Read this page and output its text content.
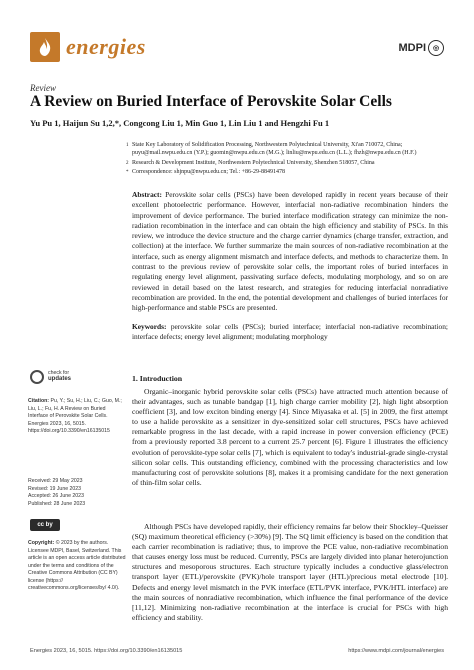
energies	MDPI ◎
Review
A Review on Buried Interface of Perovskite Solar Cells
Yu Pu 1, Haijun Su 1,2,*, Congcong Liu 1, Min Guo 1, Lin Liu 1 and Hengzhi Fu 1
1 State Key Laboratory of Solidification Processing, Northwestern Polytechnical University, Xi'an 710072, China; puyu@mail.nwpu.edu.cn (Y.P.); guomin@nwpu.edu.cn (M.G.); linliu@nwpu.edu.cn (L.L.); fhzh@nwpu.edu.cn (H.F.)
2 Research & Development Institute, Northwestern Polytechnical University, Shenzhen 518057, China
* Correspondence: shjnpu@nwpu.edu.cn; Tel.: +86-29-88491478
Abstract: Perovskite solar cells (PSCs) have been developed rapidly in recent years because of their excellent photoelectric performance. However, interfacial non-radiative recombination hinders the improvement of device performance. The buried interface modification strategy can minimize the non-radiation recombination in the interface and can obtain the high efficiency and stability of PSCs. In this review, we introduce the device structure and the charge carrier dynamics (charge transfer, extraction, and collection) at the interface. We further summarize the main sources of non-radiative recombination at the interface, such as energy alignment mismatch and interface defects, and methods to characterize them. In contrast to the previous review of perovskite solar cells, the important roles of buried interfaces in regulating energy level alignment, passivating surface defects, modulating morphology, and so on are reviewed in detail based on the latest research, and strategies for reducing interfacial nonradiative recombination are provided. In the end, the potential development and challenges of buried interfaces for high-performance and stable PSCs are presented.
Keywords: perovskite solar cells (PSCs); buried interface; interfacial non-radiative recombination; interface defects; energy level alignment; modulating morphology
check for
updates
Citation: Pu, Y.; Su, H.; Liu, C.; Guo, M.; Liu, L.; Fu, H. A Review on Buried Interface of Perovskite Solar Cells. Energies 2023, 16, 5015. https://doi.org/10.3390/en16135015
Received: 29 May 2023
Revised: 19 June 2023
Accepted: 26 June 2023
Published: 28 June 2023
cc by
Copyright: © 2023 by the authors. Licensee MDPI, Basel, Switzerland. This article is an open access article distributed under the terms and conditions of the Creative Commons Attribution (CC BY) license (https:// creativecommons.org/licenses/by/ 4.0/).
1. Introduction
Organic–inorganic hybrid perovskite solar cells (PSCs) have attracted much attention because of their advantages, such as tunable bandgap [1], high charge carrier mobility [2], high light absorption coefficient [3], and low exciton binding energy [4]. Since Miyasaka et al. [5] in 2009, the first attempt to use a halide perovskite as a sensitizer in dye-sensitized solar cell structures, PSCs have achieved remarkable progress in the last decade, with a rapid increase in power conversion efficiency (PCE) from a previously reported 3.8 percent to a current 25.7 percent [6]. Figure 1 illustrates the efficiency evolution of perovskite-type solar cells [7], which is equivalent to today's industrial-grade single-crystal silicon solar cells. This outstanding efficiency, combined with the processing characteristics and low manufacturing cost of perovskite solutions [8], makes it a promising candidate for the next generation of thin-film solar cells.
Although PSCs have developed rapidly, their efficiency remains far below their Shockley–Queisser (SQ) maximum theoretical efficiency (>30%) [9]. The SQ limit efficiency is based on the condition that each carrier recombination is radiative; thus, to improve the PCE value, non-radiative recombination that causes energy loss must be reduced. Currently, PSCs are largely divided into planar heterojunction structures and mesoporous structures. Each structure typically includes a conductive glass/electron transport layer (ETL)/perovskite (PVK)/hole transport layer (HTL)/precious metal electrode [10]. Defects and energy level mismatch in the PVK interface (ETL/PVK interface, PVK/HTL interface) are the main sources of nonradiative recombination, which influence the final performance of the device [11,12]. Minimizing non-radiative recombination at the interface is crucial for PSCs with high efficiency and stability.
Energies 2023, 16, 5015. https://doi.org/10.3390/en16135015	https://www.mdpi.com/journal/energies
